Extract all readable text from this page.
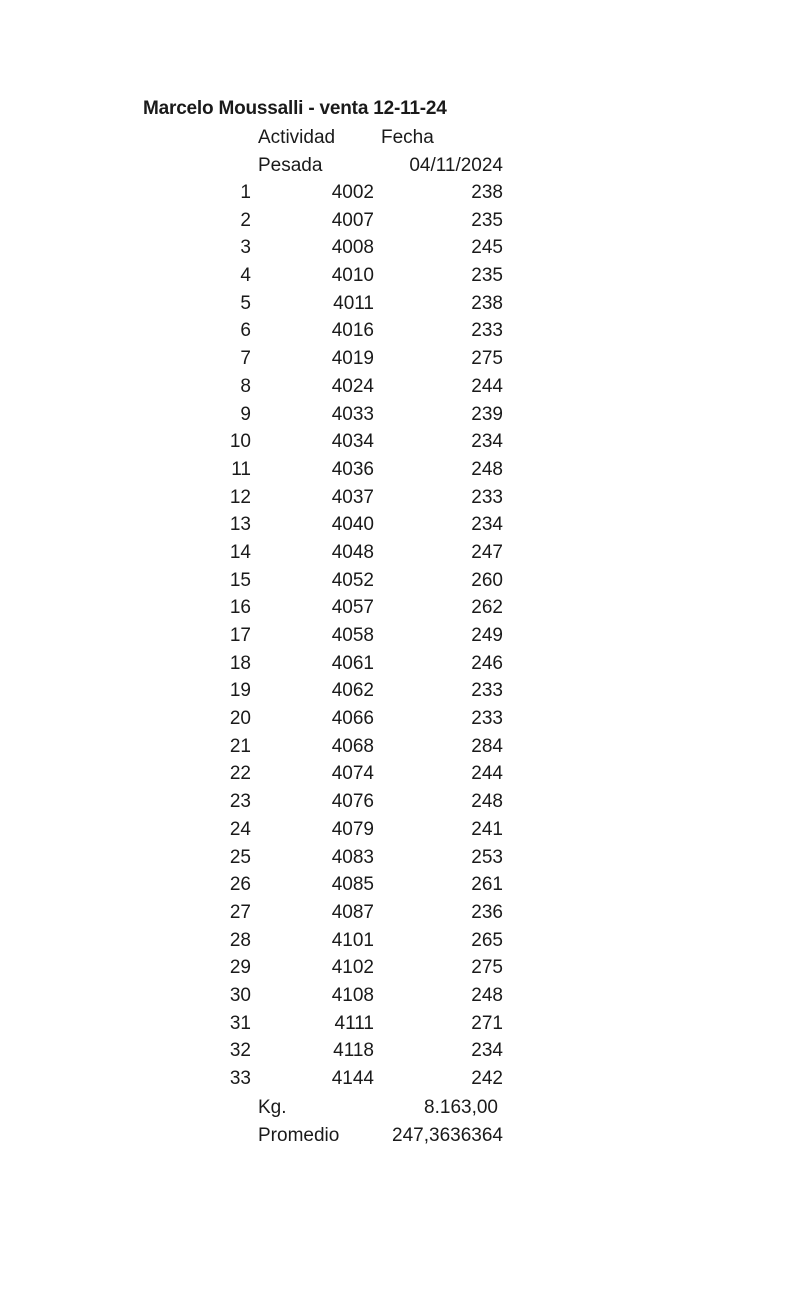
Marcelo Moussalli - venta 12-11-24
Actividad Fecha
Pesada	04/11/2024
1	4002	238
2	4007	235
3	4008	245
4	4010	235
5	4011	238
6	4016	233
7	4019	275
8	4024	244
9	4033	239
10	4034	234
11	4036	248
12	4037	233
13	4040	234
14	4048	247
15	4052	260
16	4057	262
17	4058	249
18	4061	246
19	4062	233
20	4066	233
21	4068	284
22	4074	244
23	4076	248
24	4079	241
25	4083	253
26	4085	261
27	4087	236
28	4101	265
29	4102	275
30	4108	248
31	4111	271
32	4118	234
33	4144	242
Kg.	8.163,00
Promedio	247,3636364
